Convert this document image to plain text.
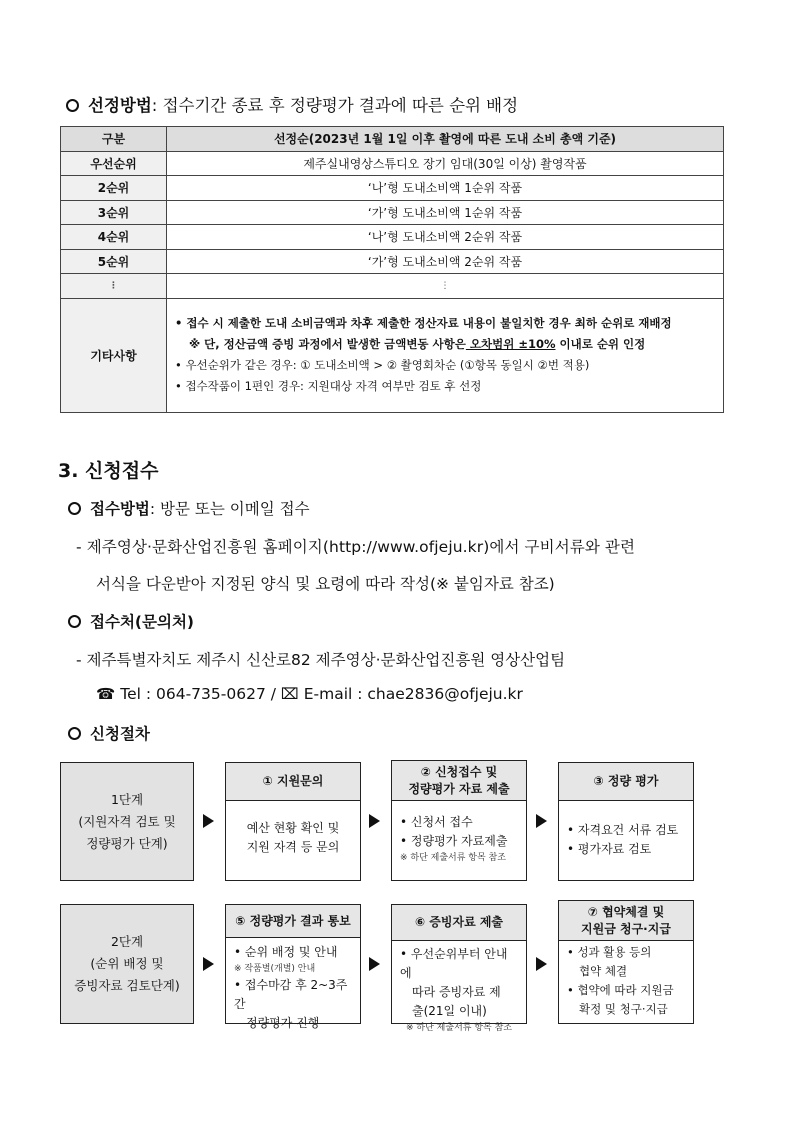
선정방법: 접수기간 종료 후 정량평가 결과에 따른 순위 배정
구분	선정순(2023년 1월 1일 이후 촬영에 따른 도내 소비 총액 기준)
우선순위	제주실내영상스튜디오 장기 임대(30일 이상) 촬영작품
2순위	‘나’형 도내소비액 1순위 작품
3순위	‘가’형 도내소비액 1순위 작품
4순위	‘나’형 도내소비액 2순위 작품
5순위	‘가’형 도내소비액 2순위 작품
⋮	⋮
기타사항	• 접수 시 제출한 도내 소비금액과 차후 제출한 정산자료 내용이 불일치한 경우 최하 순위로 재배정
※ 단, 정산금액 증빙 과정에서 발생한 금액변동 사항은 오차범위 ±10% 이내로 순위 인정
• 우선순위가 같은 경우: ① 도내소비액 > ② 촬영회차순 (①항목 동일시 ②번 적용)
• 접수작품이 1편인 경우: 지원대상 자격 여부만 검토 후 선정
3. 신청접수
접수방법: 방문 또는 이메일 접수
- 제주영상·문화산업진흥원 홈페이지(http://www.ofjeju.kr)에서 구비서류와 관련
서식을 다운받아 지정된 양식 및 요령에 따라 작성(※ 붙임자료 참조)
접수처(문의처)
- 제주특별자치도 제주시 신산로82 제주영상·문화산업진흥원 영상산업팀
☎ Tel : 064-735-0627 / ⌧ E-mail : chae2836@ofjeju.kr
신청절차
1단계
(지원자격 검토 및
정량평가 단계)
① 지원문의
예산 현황 확인 및
지원 자격 등 문의
② 신청접수 및
정량평가 자료 제출
• 신청서 접수
• 정량평가 자료제출
※ 하단 제출서류 항목 참조
③ 정량 평가
• 자격요건 서류 검토
• 평가자료 검토
2단계
(순위 배정 및
증빙자료 검토단계)
⑤ 정량평가 결과 통보
• 순위 배정 및 안내
※ 작품별(개별) 안내
• 접수마감 후 2~3주간
정량평가 진행
⑥ 증빙자료 제출
• 우선순위부터 안내에
따라 증빙자료 제
출(21일 이내)
※ 하단 제출서류 항목 참조
⑦ 협약체결 및
지원금 청구·지급
• 성과 활용 등의
협약 체결
• 협약에 따라 지원금
확정 및 청구·지급
